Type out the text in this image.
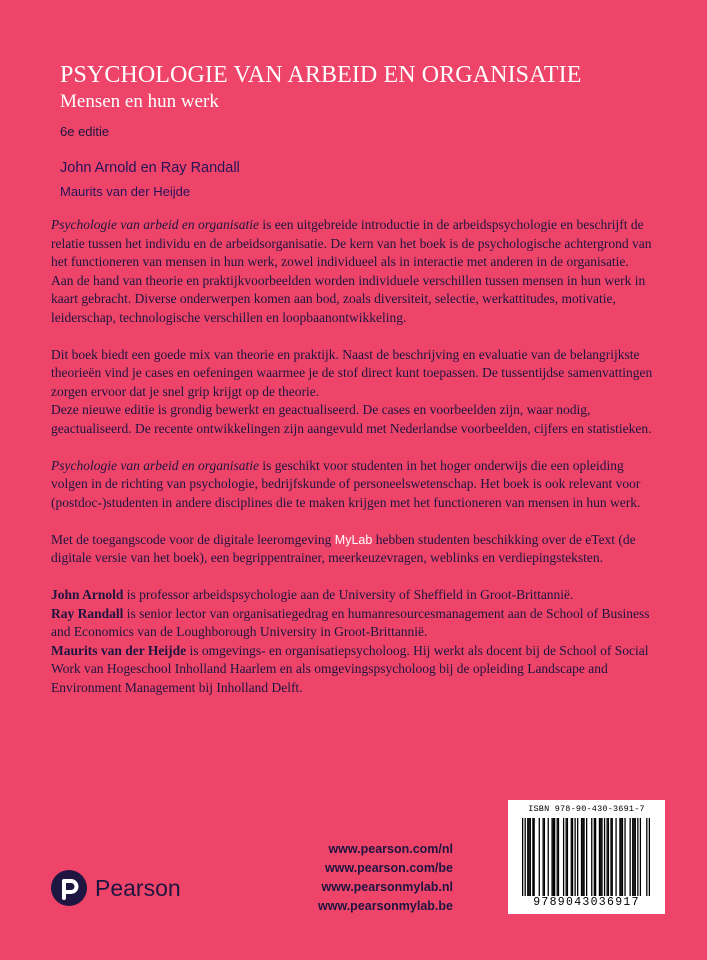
PSYCHOLOGIE VAN ARBEID EN ORGANISATIE
Mensen en hun werk
6e editie
John Arnold en Ray Randall
Maurits van der Heijde

Psychologie van arbeid en organisatie is een uitgebreide introductie in de arbeidspsychologie en beschrijft de relatie tussen het individu en de arbeidsorganisatie. De kern van het boek is de psychologische achtergrond van het functioneren van mensen in hun werk, zowel individueel als in interactie met anderen in de organisatie.
Aan de hand van theorie en praktijkvoorbeelden worden individuele verschillen tussen mensen in hun werk in kaart gebracht. Diverse onderwerpen komen aan bod, zoals diversiteit, selectie, werkattitudes, motivatie, leiderschap, technologische verschillen en loopbaanontwikkeling.

Dit boek biedt een goede mix van theorie en praktijk. Naast de beschrijving en evaluatie van de belangrijkste theorieën vind je cases en oefeningen waarmee je de stof direct kunt toepassen. De tussentijdse samenvattingen zorgen ervoor dat je snel grip krijgt op de theorie.
Deze nieuwe editie is grondig bewerkt en geactualiseerd. De cases en voorbeelden zijn, waar nodig, geactualiseerd. De recente ontwikkelingen zijn aangevuld met Nederlandse voorbeelden, cijfers en statistieken.

Psychologie van arbeid en organisatie is geschikt voor studenten in het hoger onderwijs die een opleiding volgen in de richting van psychologie, bedrijfskunde of personeelswetenschap. Het boek is ook relevant voor (postdoc-)studenten in andere disciplines die te maken krijgen met het functioneren van mensen in hun werk.

Met de toegangscode voor de digitale leeromgeving MyLab hebben studenten beschikking over de eText (de digitale versie van het boek), een begrippentrainer, meerkeuzevragen, weblinks en verdiepingsteksten.

John Arnold is professor arbeidspsychologie aan de University of Sheffield in Groot-Brittannië.
Ray Randall is senior lector van organisatiegedrag en humanresourcesmanagement aan de School of Business and Economics van de Loughborough University in Groot-Brittannië.
Maurits van der Heijde is omgevings- en organisatiepsycholoog. Hij werkt als docent bij de School of Social Work van Hogeschool Inholland Haarlem en als omgevingspsycholoog bij de opleiding Landscape and Environment Management bij Inholland Delft.

Pearson
www.pearson.com/nl
www.pearson.com/be
www.pearsonmylab.nl
www.pearsonmylab.be
ISBN 978-90-430-3691-7
9789043036917
